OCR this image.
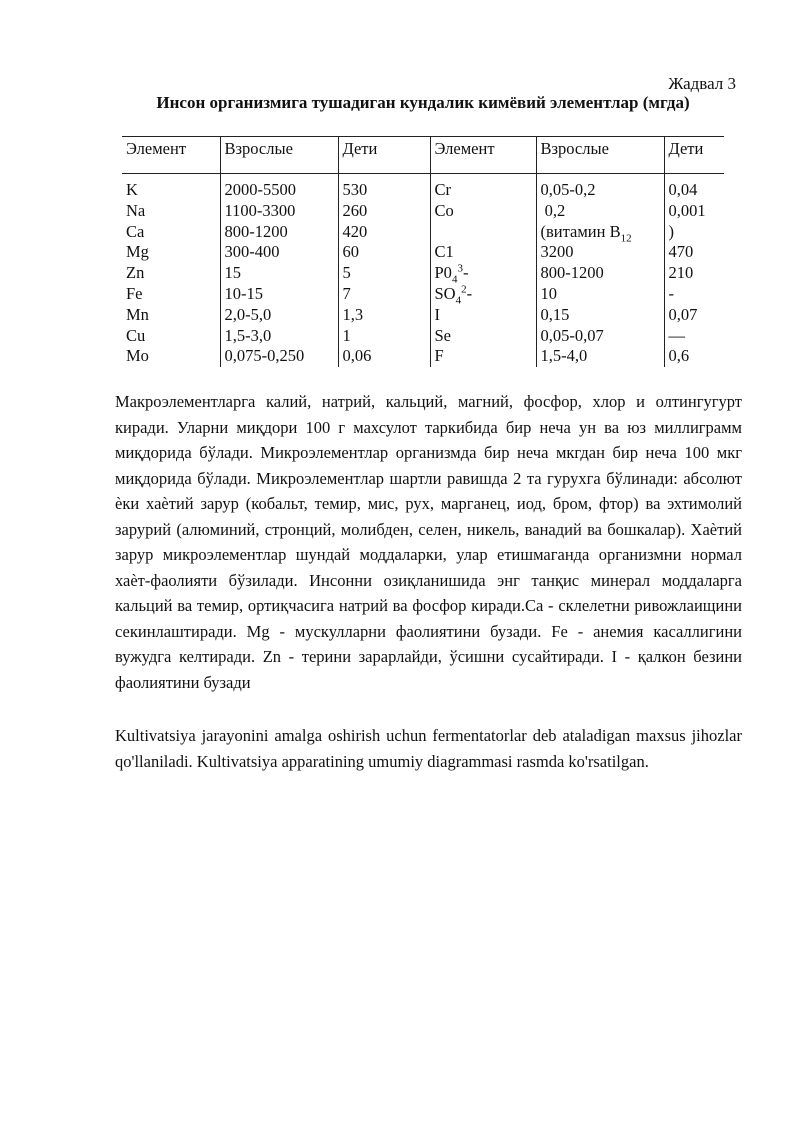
Жадвал 3
Инсон организмига тушадиган кундалик кимёвий элементлар (мгда)
Элемент	Взрослые	Дети	Элемент	Взрослые	Дети
K	2000-5500	530	Cr	0,05-0,2	0,04
Na	1100-3300	260	Co	0,2	0,001
Ca	800-1200	420		(витамин $B_{12}$	)
Mg	300-400	60	C1	3200	470
Zn	15	5	$P0_4^3-$	800-1200	210
Fe	10-15	7	$SO_4^2-$	10	-
Mn	2,0-5,0	1,3	I	0,15	0,07
Cu	1,5-3,0	1	Se	0,05-0,07	—
Mo	0,075-0,250	0,06	F	1,5-4,0	0,6

Макроэлементларга калий, натрий, кальций, магний, фосфор, хлор и олтингугурт киради. Уларни миқдори 100 г махсулот таркибида бир неча ун ва юз миллиграмм миқдорида бўлади. Микроэлементлар организмда бир неча мкгдан бир неча 100 мкг миқдорида бўлади. Микроэлементлар шартли равишда 2 та гурухга бўлинади: абсолют ѐки хаѐтий зарур (кобальт, темир, мис, рух, марганец, иод, бром, фтор) ва эхтимолий зарурий (алюминий, стронций, молибден, селен, никель, ванадий ва бошкалар). Хаѐтий зарур микроэлементлар шундай моддаларки, улар етишмаганда организмни нормал хаѐт-фаолияти бўзилади. Инсонни озиқланишида энг танқис минерал моддаларга кальций ва темир, ортиқчасига натрий ва фосфор киради.Са - склелетни ривожлаищини секинлаштиради. Mg - мускулларни фаолиятини бузади. Fe - анемия касаллигини вужудга келтиради. Zn - терини зарарлайди, ўсишни сусайтиради. I - қалкон безини фаолиятини бузади

Kultivatsiya jarayonini amalga oshirish uchun fermentatorlar deb ataladigan maxsus jihozlar qo'llaniladi. Kultivatsiya apparatining umumiy diagrammasi rasmda ko'rsatilgan.
